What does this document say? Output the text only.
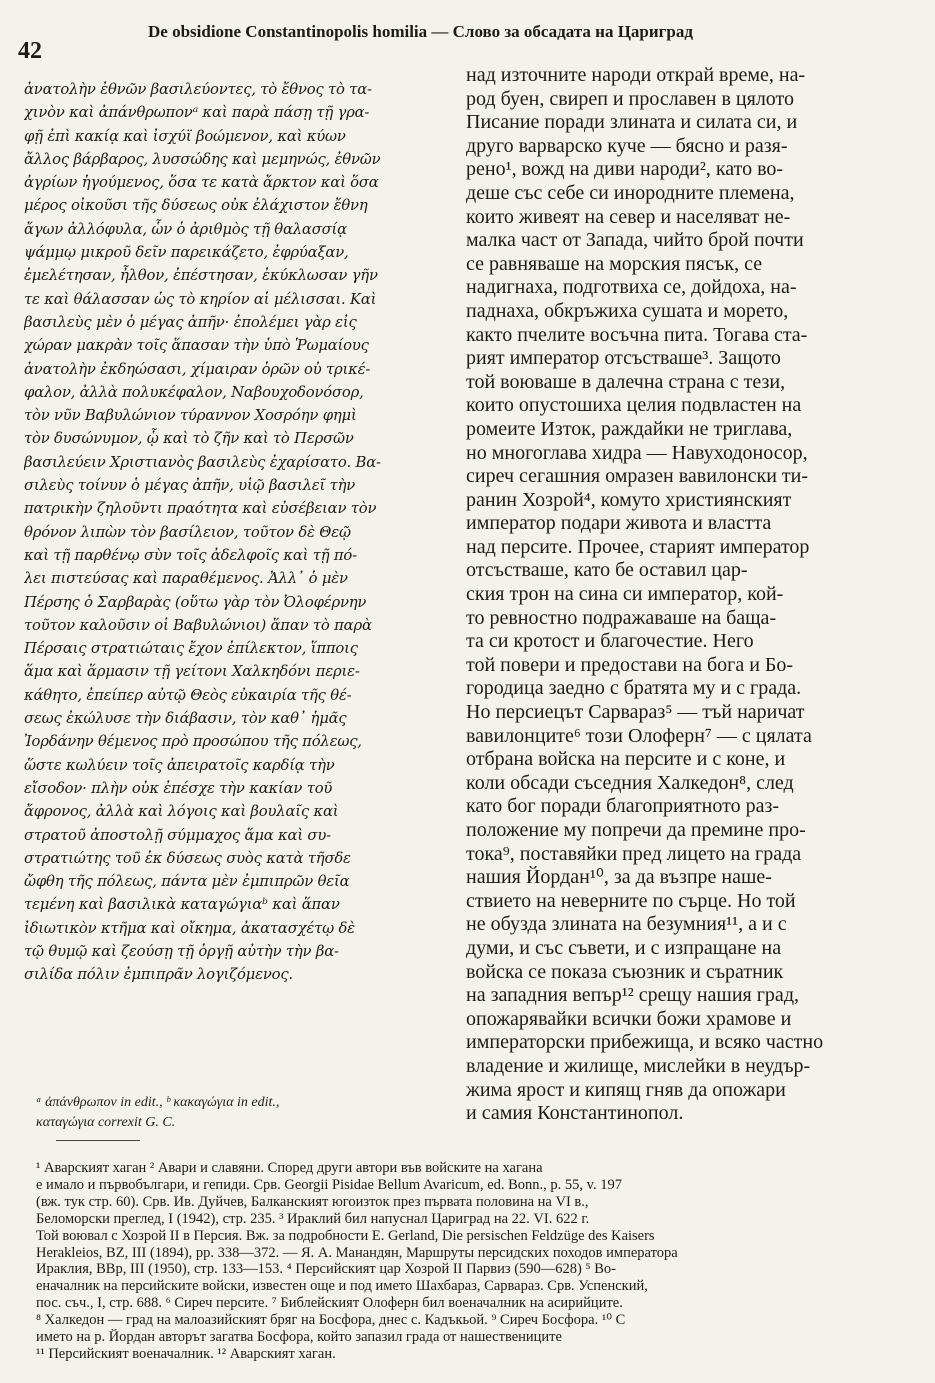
42
De obsidione Constantinopolis homilia — Слово за обсадата на Цариград
ἀνατολὴν ἐθνῶν βασιλεύοντες, τὸ ἔθνος τὸ τα-
χινὸν καὶ ἀπάνθρωπονᵃ καὶ παρὰ πάσῃ τῇ γρα-
φῇ ἐπὶ κακίᾳ καὶ ἰσχύϊ βοώμενον, καὶ κύων
ἄλλος βάρβαρος, λυσσώδης καὶ μεμηνώς, ἐθνῶν
ἀγρίων ἡγούμενος, ὅσα τε κατὰ ἄρκτον καὶ ὅσα
μέρος οἰκοῦσι τῆς δύσεως οὐκ ἐλάχιστον ἔθνη
ἄγων ἀλλόφυλα, ὧν ὁ ἀριθμὸς τῇ θαλασσίᾳ
ψάμμῳ μικροῦ δεῖν παρεικάζετο, ἐφρύαξαν,
ἐμελέτησαν, ἦλθον, ἐπέστησαν, ἐκύκλωσαν γῆν
τε καὶ θάλασσαν ὡς τὸ κηρίον αἱ μέλισσαι. Καὶ
βασιλεὺς μὲν ὁ μέγας ἀπῆν· ἐπολέμει γὰρ εἰς
χώραν μακρὰν τοῖς ἅπασαν τὴν ὑπὸ Ῥωμαίους
ἀνατολὴν ἐκδηώσασι, χίμαιραν ὁρῶν οὐ τρικέ-
φαλον, ἀλλὰ πολυκέφαλον, Ναβουχοδονόσορ,
τὸν νῦν Βαβυλώνιον τύραννον Χοσρόην φημὶ
τὸν δυσώνυμον, ᾧ καὶ τὸ ζῆν καὶ τὸ Περσῶν
βασιλεύειν Χριστιανὸς βασιλεὺς ἐχαρίσατο. Βα-
σιλεὺς τοίνυν ὁ μέγας ἀπῆν, υἱῷ βασιλεῖ τὴν
πατρικὴν ζηλοῦντι πραότητα καὶ εὐσέβειαν τὸν
θρόνον λιπὼν τὸν βασίλειον, τοῦτον δὲ Θεῷ
καὶ τῇ παρθένῳ σὺν τοῖς ἀδελφοῖς καὶ τῇ πό-
λει πιστεύσας καὶ παραθέμενος. Ἀλλ᾽ ὁ μὲν
Πέρσης ὁ Σαρβαρὰς (οὕτω γὰρ τὸν Ὀλοφέρνην
τοῦτον καλοῦσιν οἱ Βαβυλώνιοι) ἅπαν τὸ παρὰ
Πέρσαις στρατιώταις ἔχον ἐπίλεκτον, ἵπποις
ἅμα καὶ ἅρμασιν τῇ γείτονι Χαλκηδόνι περιε-
κάθητο, ἐπείπερ αὐτῷ Θεὸς εὐκαιρία τῆς θέ-
σεως ἐκώλυσε τὴν διάβασιν, τὸν καθ᾽ ἡμᾶς
Ἰορδάνην θέμενος πρὸ προσώπου τῆς πόλεως,
ὥστε κωλύειν τοῖς ἀπειρατοῖς καρδίᾳ τὴν
εἴσοδον· πλὴν οὐκ ἐπέσχε τὴν κακίαν τοῦ
ἄφρονος, ἀλλὰ καὶ λόγοις καὶ βουλαῖς καὶ
στρατοῦ ἀποστολῇ σύμμαχος ἅμα καὶ συ-
στρατιώτης τοῦ ἐκ δύσεως συὸς κατὰ τῆσδε
ὤφθη τῆς πόλεως, πάντα μὲν ἐμπιπρῶν θεῖα
τεμένη καὶ βασιλικὰ καταγώγιαᵇ καὶ ἅπαν
ἰδιωτικὸν κτῆμα καὶ οἴκημα, ἀκατασχέτῳ δὲ
τῷ θυμῷ καὶ ζεούσῃ τῇ ὀργῇ αὐτὴν τὴν βα-
σιλίδα πόλιν ἐμπιπρᾶν λογιζόμενος.
над източните народи открай време, на-
род буен, свиреп и прославен в цялото
Писание поради злината и силата си, и
друго варварско куче — бясно и разя-
рено¹, вожд на диви народи², като во-
деше със себе си инородните племена,
които живеят на север и населяват не-
малка част от Запада, чийто брой почти
се равняваше на морския пясък, се
надигнаха, подготвиха се, дойдоха, на-
паднаха, обкръжиха сушата и морето,
както пчелите восъчна пита. Тогава ста-
рият император отсъстваше³. Защото
той воюваше в далечна страна с тези,
които опустошиха целия подвластен на
ромеите Изток, раждайки не триглава,
но многоглава хидра — Навуходоносор,
сиреч сегашния омразен вавилонски ти-
ранин Хозрой⁴, комуто християнският
император подари живота и властта
над персите. Прочее, старият император
отсъстваше, като бе оставил цар-
ския трон на сина си император, кой-
то ревностно подражаваше на баща-
та си кротост и благочестие. Него
той повери и предостави на бога и Бо-
городица заедно с братята му и с града.
Но персиецът Сарвараз⁵ — тъй наричат
вавилонците⁶ този Олоферн⁷ — с цялата
отбрана войска на персите и с коне, и
коли обсади съседния Халкедон⁸, след
като бог поради благоприятното раз-
положение му попречи да премине про-
тока⁹, поставяйки пред лицето на града
нашия Йордан¹⁰, за да възпре наше-
ствието на неверните по сърце. Но той
не обузда злината на безумния¹¹, а и с
думи, и със съвети, и с изпращане на
войска се показа съюзник и съратник
на западния вепър¹² срещу нашия град,
опожарявайки всички божи храмове и
императорски прибежища, и всяко частно
владение и жилище, мислейки в неудър-
жима ярост и кипящ гняв да опожари
и самия Константинопол.
ᵃ ἀπάνθρωπον in edit., ᵇ κακαγώγια in edit.,
καταγώγια correxit G. C.
¹ Аварският хаган ² Авари и славяни. Според други автори във войските на хагана
е имало и първобългари, и гепиди. Срв. Georgii Pisidae Bellum Avaricum, ed. Bonn., p. 55, v. 197
(вж. тук стр. 60). Срв. Ив. Дуйчев, Балканският югоизток през първата половина на VI в.,
Беломорски преглед, I (1942), стр. 235. ³ Ираклий бил напуснал Цариград на 22. VI. 622 г.
Той воювал с Хозрой II в Персия. Вж. за подробности E. Gerland, Die persischen Feldzüge des Kaisers
Herakleios, BZ, III (1894), pp. 338—372. — Я. А. Манандян, Маршруты персидских походов императора
Ираклия, ВВр, III (1950), стр. 133—153. ⁴ Персийският цар Хозрой II Парвиз (590—628) ⁵ Во-
еначалник на персийските войски, известен още и под името Шахбараз, Сарвараз. Срв. Успенский,
пос. съч., I, стр. 688. ⁶ Сиреч персите. ⁷ Библейският Олоферн бил военачалник на асирийците.
⁸ Халкедон — град на малоазийският бряг на Босфора, днес с. Кадъкьой. ⁹ Сиреч Босфора. ¹⁰ С
името на р. Йордан авторът загатва Босфора, който запазил града от нашествениците
¹¹ Персийският военачалник. ¹² Аварският хаган.
